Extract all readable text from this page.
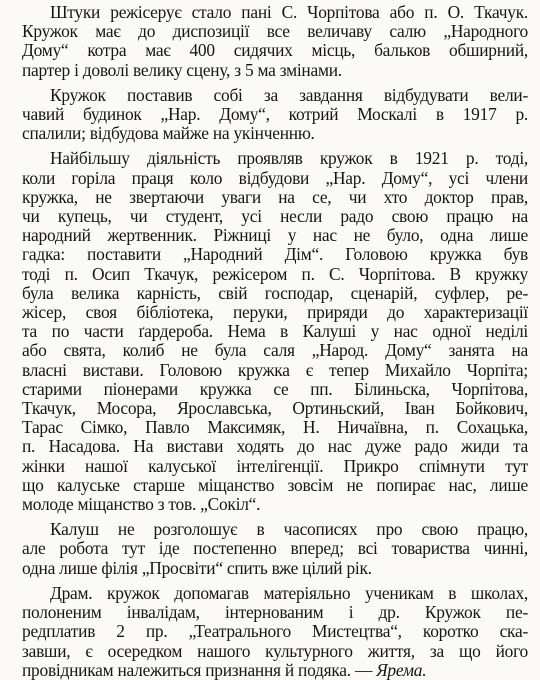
Штуки режісерує стало пані С. Чорпітова або п. О. Ткачук.
Кружок має до диспозиції все величаву салю „Народного
Дому“ котра має 400 сидячих місць, бальков обширний,
партер і доволі велику сцену, з 5 ма змінами.
Кружок поставив собі за завдання відбудувати вели-
чавий будинок „Нар. Дому“, котрий Москалі в 1917 р.
спалили; відбудова майже на укінченню.
Найбільшу діяльність проявляв кружок в 1921 р. тоді,
коли горіла праця коло відбудови „Нар. Дому“, усі члени
кружка, не звертаючи уваги на се, чи хто доктор прав,
чи купець, чи студент, усі несли радо свою працю на
народний жертвенник. Ріжниці у нас не було, одна лише
гадка: поставити „Народний Дім“. Головою кружка був
тоді п. Осип Ткачук, режісером п. С. Чорпітова. В кружку
була велика карність, свій господар, сценарій, суфлер, ре-
жісер, своя бібліотека, перуки, приряди до характеризації
та по части ґардероба. Нема в Калуші у нас одної неділі
або свята, колиб не була саля „Народ. Дому“ занята на
власні вистави. Головою кружка є тепер Михайло Чорпіта;
старими піонерами кружка се пп. Білиньска, Чорпітова,
Ткачук, Мосора, Ярославська, Ортиньский, Іван Бойкович,
Тарас Сімко, Павло Максимяк, Н. Ничаївна, п. Сохацька,
п. Насадова. На вистави ходять до нас дуже радо жиди та
жінки нашої калуської інтелігенції. Прикро спімнути тут
що калуське старше міщанство зовсім не попирає нас, лише
молоде міщанство з тов. „Сокіл“.
Калуш не розголошує в часописях про свою працю,
але робота тут іде постепенно вперед; всі товариства чинні,
одна лише філія „Просвіти“ спить вже цілий рік.
Драм. кружок допомагав матеріяльно ученикам в школах,
полоненим інвалідам, інтернованим і др. Кружок пе-
редплатив 2 пр. „Театрального Мистецтва“, коротко ска-
завши, є осередком нашого культурного життя, за що його
провідникам належиться признання й подяка. — Ярема.
